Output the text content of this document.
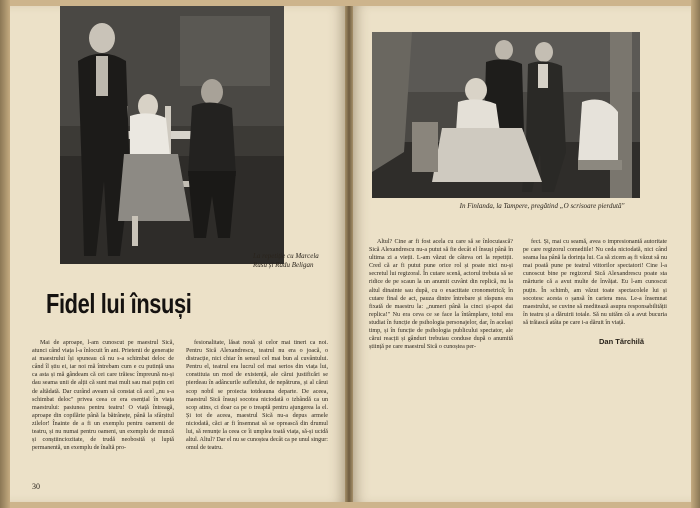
La repetiție cu Marcela Rusu și Radu Beligan
Fidel lui însuși

Mai de aproape, l-am cunoscut pe maestrul Sică, atunci când viața l-a înlocuit în ani. Prietenii de generație ai maestrului își spuneau că nu s-a schimbat deloc de când îl știu ei, iar noi mă întrebam cum e cu putință una ca asta și mă gândeam că cei care trăiesc împreună nu-și dau seama unii de alții că sunt mai mult sau mai puțin cei de altădată. Dar curând aveam să constat că acel „nu s-a schimbat deloc" privea ceea ce era esențial în viața maestrului: pasiunea pentru teatru! O viață întreagă, aproape din copilărie până la bătrânețe, până la sfârșitul zilelor! Înainte de a fi un exemplu pentru oamenii de teatru, și nu numai pentru oameni, un exemplu de muncă și conștiinciozitate, de trudă neobosită și luptă permanentă, un exemplu de înaltă pro-

fesionalitate, lăsat nouă și celor mai tineri ca noi. Pentru Sică Alexandrescu, teatrul nu era o joacă, o distracție, nici chiar în sensul cel mai bun al cuvântului. Pentru el, teatrul era lucrul cel mai serios din viața lui, constituia un mod de existență, ale cărui justificări se pierdeau în adâncurile sufletului, de nepătruns, și al cărui scop nobil se proiecta totdeauna departe. De aceea, maestrul Sică însuși socotea niciodată o izbândă ca un scop atins, ci doar ca pe o treaptă pentru ajungerea la el. Și tot de aceea, maestrul Sică nu-a depus armele niciodată, căci ar fi însemnat să se oprească din drumul lui, să renunțe la ceea ce îi umplea toată viața, să-și ucidă altul. Altul? Dar el nu se cunoștea decât ca pe unul singur: omul de teatru.

30
In Finlanda, la Tampere, pregătind „O scrisoare pierdută"

Altul? Cine ar fi fost acela cu care să se înlocuiască? Sică Alexandrescu nu-a putut să fie decât el însuși până în ultima zi a vieții. L-am văzut de câteva ori la repetiții. Cred că ar fi putut pune orice rol și poate nici nu-și secretul lui regizoral. În cutare scenă, actorul trebuia să se ridice de pe scaun la un anumit cuvânt din replică, nu la altul dinainte sau după, cu o exactitate cronometrică; în cutare final de act, pauza dintre întrebare și răspuns era fixată de maestru la: „numeri până la cinci și-apoi dai replica!" Nu era ceva ce se face la întâmplare, totul era studiat în funcție de psihologia personajelor, dar, în același timp, și în funcție de psihologia publicului spectator, ale cărui reacții și gânduri trebuiau conduse după o anumită știință pe care maestrul Sică o cunoștea per-

fect. Și, mai cu seamă, avea o impresionantă autoritate pe care regizorul comediile! Nu ceda niciodată, nici când seama lua până la dorința lui. Ca să zicem aș fi văzut să nu mai poată pune pe teatrul viitorilor spectatori! Cine l-a cunoscut bine pe regizorul Sică Alexandrescu poate sta mărturie că a avut multe de învățat. Eu l-am cunoscut puțin. În schimb, am văzut toate spectacolele lui și socotesc acesta o șansă în cariera mea. Le-a însemnat maestrului, se cuvine să meditează asupra responsabilității în teatru și a dăruirii totale. Să nu uităm că a avut bucuria să trăiască atâta pe care i-a dăruit în viață.

Dan Tărchilă
